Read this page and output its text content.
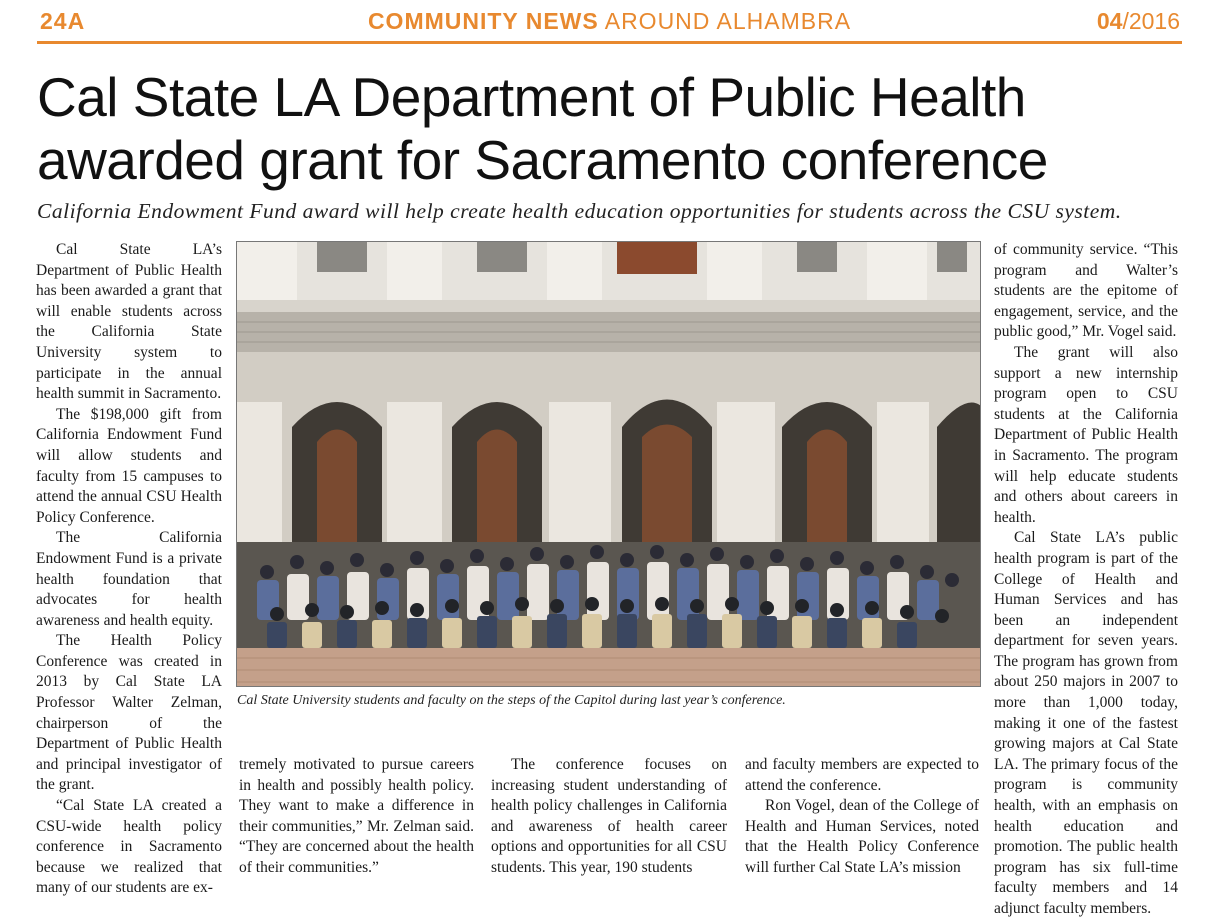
24A	COMMUNITY NEWS AROUND ALHAMBRA	04/2016
Cal State LA Department of Public Health
awarded grant for Sacramento conference
California Endowment Fund award will help create health education opportunities for students across the CSU system.

Cal State LA’s Department of Public Health has been awarded a grant that will enable students across the California State University system to participate in the annual health summit in Sacramento.

The $198,000 gift from California Endowment Fund will allow students and faculty from 15 campuses to attend the annual CSU Health Policy Conference.

The California Endowment Fund is a private health foundation that advocates for health awareness and health equity.

The Health Policy Conference was created in 2013 by Cal State LA Professor Walter Zelman, chairperson of the Department of Public Health and principal investigator of the grant.

“Cal State LA created a CSU-wide health policy conference in Sacramento because we realized that many of our students are ex-

Cal State University students and faculty on the steps of the Capitol during last year’s conference.

tremely motivated to pursue careers in health and possibly health policy. They want to make a difference in their communities,” Mr. Zelman said. “They are concerned about the health of their communities.”

The conference focuses on increasing student understanding of health policy challenges in California and awareness of health career options and opportunities for all CSU students. This year, 190 students

and faculty members are expected to attend the conference.

Ron Vogel, dean of the College of Health and Human Services, noted that the Health Policy Conference will further Cal State LA’s mission

of community service. “This program and Walter’s students are the epitome of engagement, service, and the public good,” Mr. Vogel said.

The grant will also support a new internship program open to CSU students at the California Department of Public Health in Sacramento. The program will help educate students and others about careers in health.

Cal State LA’s public health program is part of the College of Health and Human Services and has been an independent department for seven years. The program has grown from about 250 majors in 2007 to more than 1,000 today, making it one of the fastest growing majors at Cal State LA. The primary focus of the program is community health, with an emphasis on health education and promotion. The public health program has six full-time faculty members and 14 adjunct faculty members.
